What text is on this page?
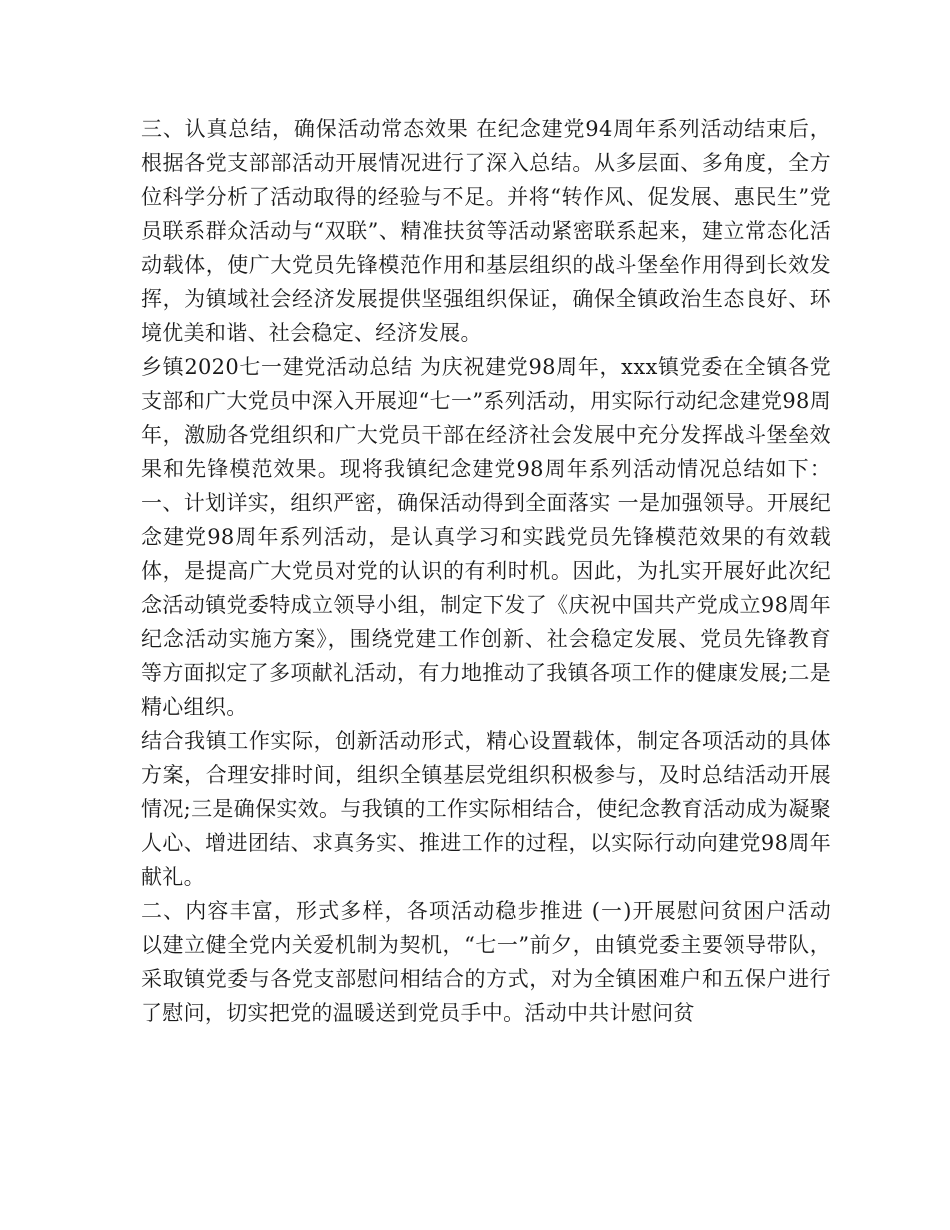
三、认真总结，确保活动常态效果 在纪念建党94周年系列活动结束后，根据各党支部部活动开展情况进行了深入总结。从多层面、多角度，全方位科学分析了活动取得的经验与不足。并将“转作风、促发展、惠民生”党员联系群众活动与“双联”、精准扶贫等活动紧密联系起来，建立常态化活动载体，使广大党员先锋模范作用和基层组织的战斗堡垒作用得到长效发挥，为镇域社会经济发展提供坚强组织保证，确保全镇政治生态良好、环境优美和谐、社会稳定、经济发展。

乡镇2020七一建党活动总结 为庆祝建党98周年，xxx镇党委在全镇各党支部和广大党员中深入开展迎“七一”系列活动，用实际行动纪念建党98周年，激励各党组织和广大党员干部在经济社会发展中充分发挥战斗堡垒效果和先锋模范效果。现将我镇纪念建党98周年系列活动情况总结如下： 一、计划详实，组织严密，确保活动得到全面落实 一是加强领导。开展纪念建党98周年系列活动，是认真学习和实践党员先锋模范效果的有效载体，是提高广大党员对党的认识的有利时机。因此，为扎实开展好此次纪念活动镇党委特成立领导小组，制定下发了《庆祝中国共产党成立98周年纪念活动实施方案》，围绕党建工作创新、社会稳定发展、党员先锋教育等方面拟定了多项献礼活动，有力地推动了我镇各项工作的健康发展;二是精心组织。

结合我镇工作实际，创新活动形式，精心设置载体，制定各项活动的具体方案，合理安排时间，组织全镇基层党组织积极参与，及时总结活动开展情况;三是确保实效。与我镇的工作实际相结合，使纪念教育活动成为凝聚人心、增进团结、求真务实、推进工作的过程，以实际行动向建党98周年献礼。

二、内容丰富，形式多样，各项活动稳步推进 (一)开展慰问贫困户活动 以建立健全党内关爱机制为契机，“七一”前夕，由镇党委主要领导带队，采取镇党委与各党支部慰问相结合的方式，对为全镇困难户和五保户进行了慰问，切实把党的温暖送到党员手中。活动中共计慰问贫
